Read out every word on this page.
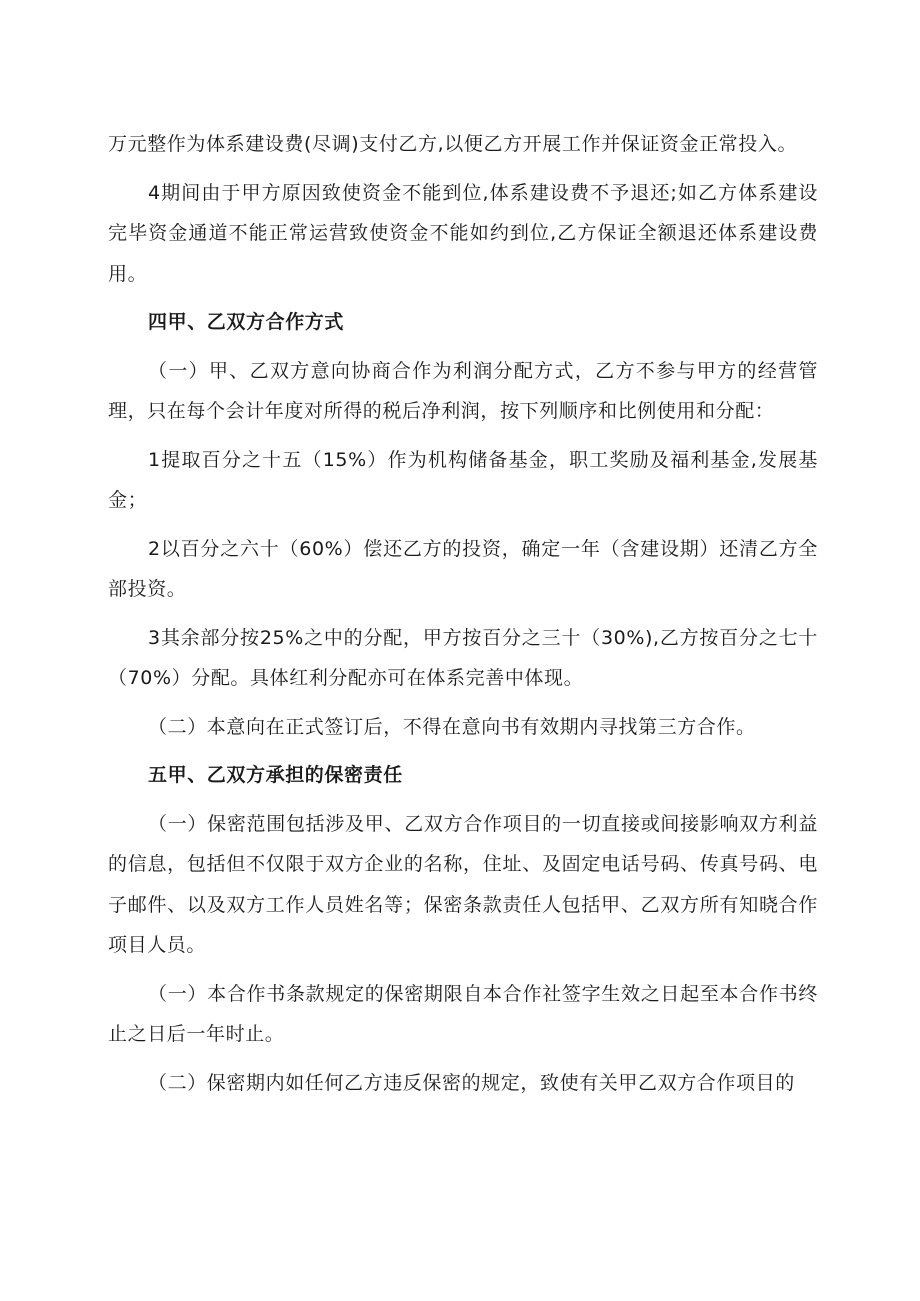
万元整作为体系建设费(尽调)支付乙方,以便乙方开展工作并保证资金正常投入。

4期间由于甲方原因致使资金不能到位,体系建设费不予退还;如乙方体系建设完毕资金通道不能正常运营致使资金不能如约到位,乙方保证全额退还体系建设费用。

四甲、乙双方合作方式

（一）甲、乙双方意向协商合作为利润分配方式，乙方不参与甲方的经营管理，只在每个会计年度对所得的税后净利润，按下列顺序和比例使用和分配：

1提取百分之十五（15%）作为机构储备基金，职工奖励及福利基金,发展基金；

2以百分之六十（60%）偿还乙方的投资，确定一年（含建设期）还清乙方全部投资。

3其余部分按25%之中的分配，甲方按百分之三十（30%),乙方按百分之七十（70%）分配。具体红利分配亦可在体系完善中体现。

（二）本意向在正式签订后，不得在意向书有效期内寻找第三方合作。

五甲、乙双方承担的保密责任

（一）保密范围包括涉及甲、乙双方合作项目的一切直接或间接影响双方利益的信息，包括但不仅限于双方企业的名称，住址、及固定电话号码、传真号码、电子邮件、以及双方工作人员姓名等；保密条款责任人包括甲、乙双方所有知晓合作项目人员。

（一）本合作书条款规定的保密期限自本合作社签字生效之日起至本合作书终止之日后一年时止。

（二）保密期内如任何乙方违反保密的规定，致使有关甲乙双方合作项目的
